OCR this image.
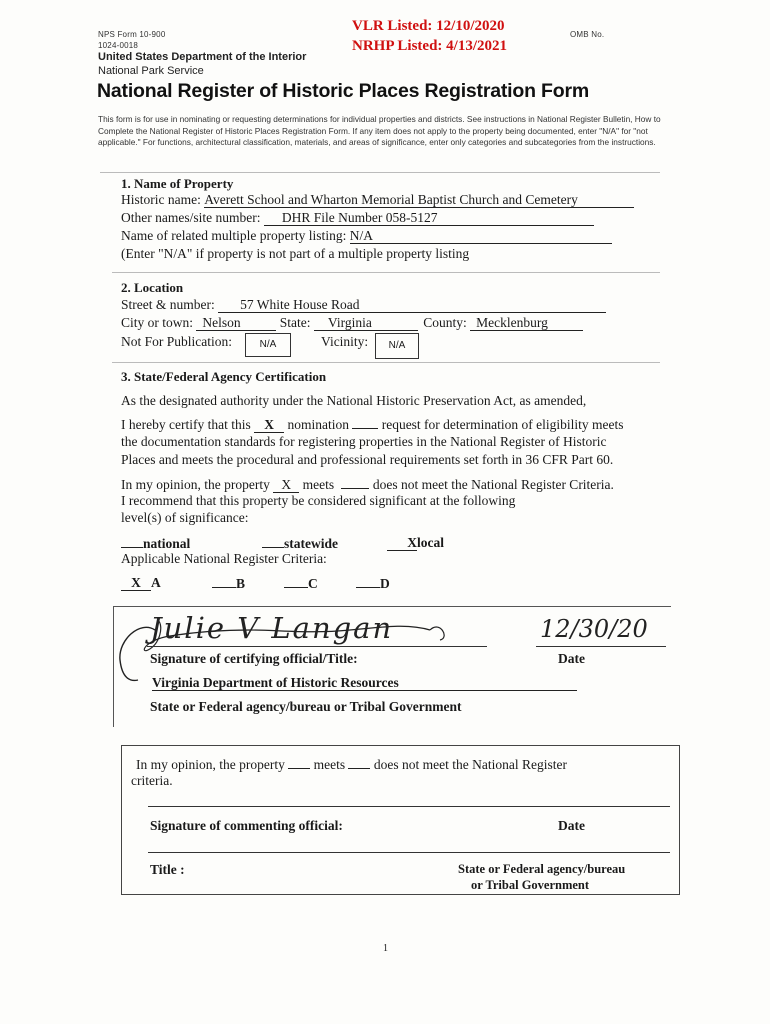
VLR Listed: 12/10/2020
NRHP Listed: 4/13/2021
NPS Form 10-900
1024-0018
OMB No.
United States Department of the Interior
National Park Service
National Register of Historic Places Registration Form
This form is for use in nominating or requesting determinations for individual properties and districts. See instructions in National Register Bulletin, How to Complete the National Register of Historic Places Registration Form. If any item does not apply to the property being documented, enter "N/A" for "not applicable." For functions, architectural classification, materials, and areas of significance, enter only categories and subcategories from the instructions.
1. Name of Property
Historic name: Averett School and Wharton Memorial Baptist Church and Cemetery
Other names/site number: DHR File Number 058-5127
Name of related multiple property listing: N/A
(Enter "N/A" if property is not part of a multiple property listing
2. Location
Street & number: 57 White House Road
City or town: Nelson	State: Virginia	County: Mecklenburg
Not For Publication:	N/A	Vicinity:	N/A
3. State/Federal Agency Certification
As the designated authority under the National Historic Preservation Act, as amended,
I hereby certify that this X nomination request for determination of eligibility meets
the documentation standards for registering properties in the National Register of Historic
Places and meets the procedural and professional requirements set forth in 36 CFR Part 60.
In my opinion, the property X meets	does not meet the National Register Criteria.
I recommend that this property be considered significant at the following
level(s) of significance:
national	statewide	Xlocal
Applicable National Register Criteria:
X A	B	C	D
Julie V Langan	12/30/20
Signature of certifying official/Title:	Date
Virginia Department of Historic Resources
State or Federal agency/bureau or Tribal Government
In my opinion, the property meets does not meet the National Register
criteria.
Signature of commenting official:	Date
Title :	State or Federal agency/bureau
or Tribal Government
1
